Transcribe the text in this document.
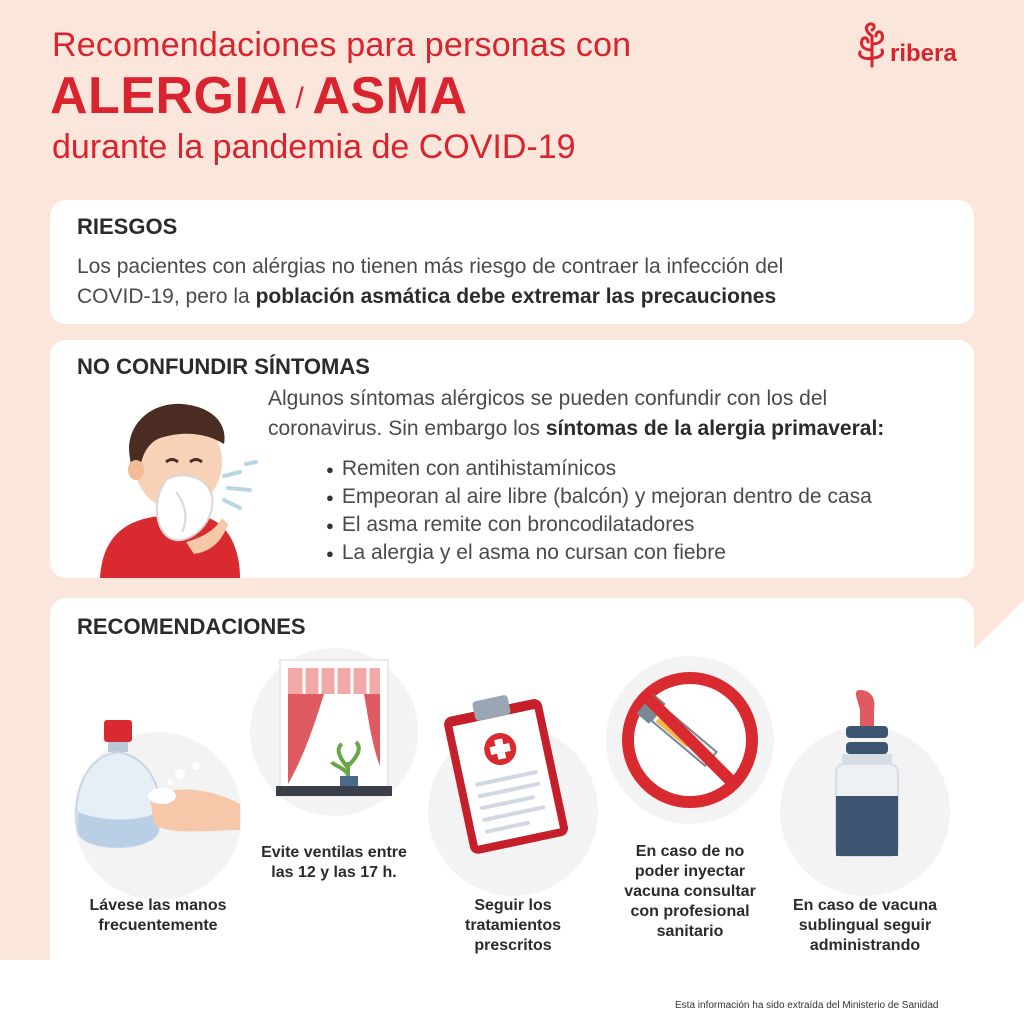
Recomendaciones para personas con
ALERGIA / ASMA
durante la pandemia de COVID-19
ribera
RIESGOS
Los pacientes con alérgias no tienen más riesgo de contraer la infección del
COVID-19, pero la población asmática debe extremar las precauciones
NO CONFUNDIR SÍNTOMAS
Algunos síntomas alérgicos se pueden confundir con los del
coronavirus. Sin embargo los síntomas de la alergia primaveral:
● Remiten con antihistamínicos
● Empeoran al aire libre (balcón) y mejoran dentro de casa
● El asma remite con broncodilatadores
● La alergia y el asma no cursan con fiebre
RECOMENDACIONES
Lávese las manos
frecuentemente
Evite ventilas entre
las 12 y las 17 h.
Seguir los
tratamientos
prescritos
En caso de no
poder inyectar
vacuna consultar
con profesional
sanitario
En caso de vacuna
sublingual seguir
administrando
Esta información ha sido extraída del Ministerio de Sanidad
